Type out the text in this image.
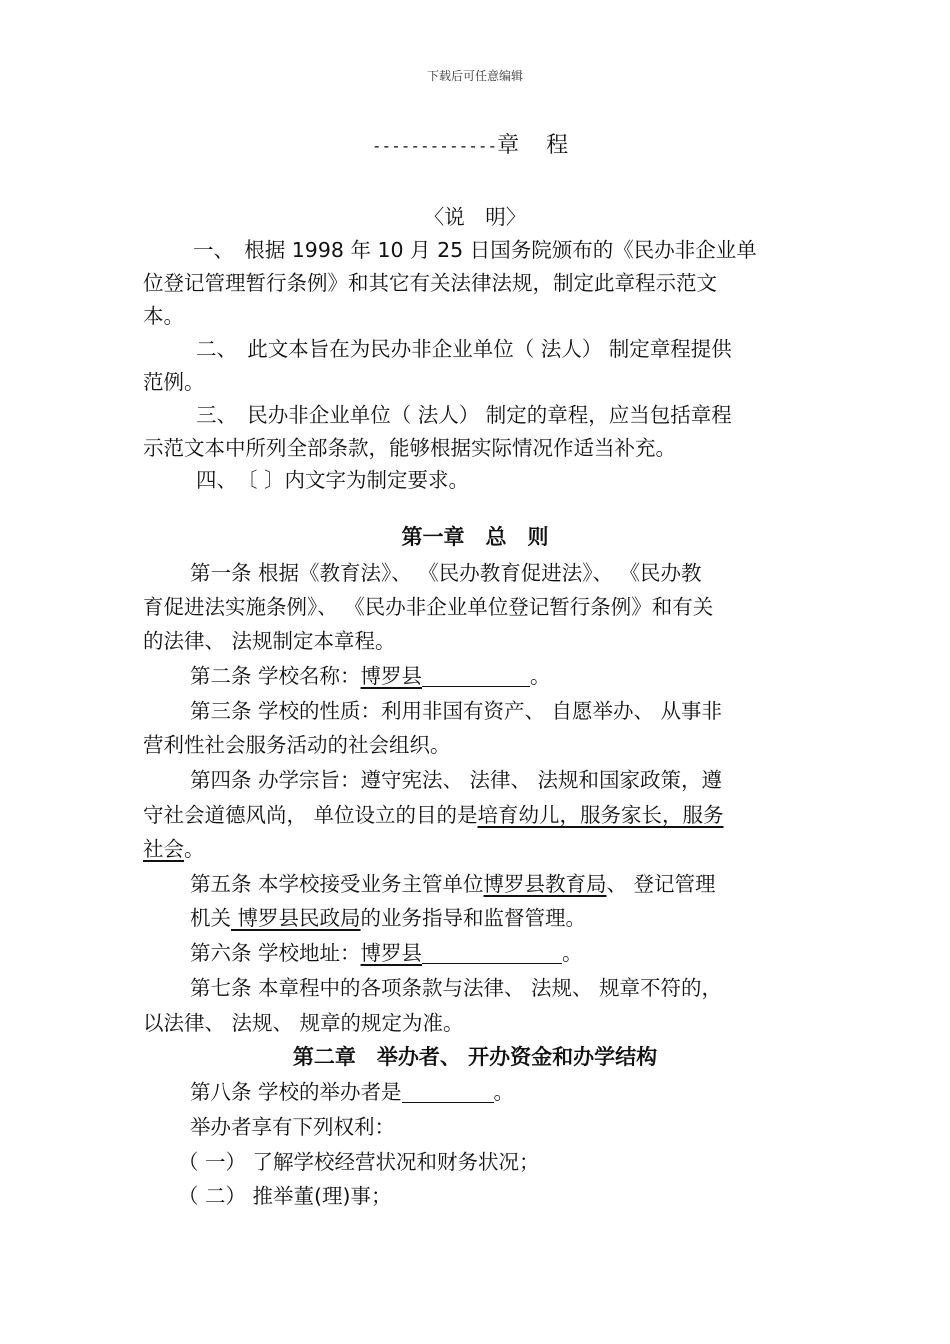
下载后可任意编辑
-------------章 程
〈说　明〉
一、　根据 1998 年 10 月 25 日国务院颁布的《民办非企业单
位登记管理暂行条例》和其它有关法律法规，制定此章程示范文
本。
二、　此文本旨在为民办非企业单位（ 法人） 制定章程提供
范例。
三、　民办非企业单位（ 法人） 制定的章程，应当包括章程
示范文本中所列全部条款，能够根据实际情况作适当补充。
四、　〔 〕内文字为制定要求。
第一章　总　则
第一条 根据《教育法》、 《民办教育促进法》、 《民办教
育促进法实施条例》、 《民办非企业单位登记暂行条例》和有关
的法律、 法规制定本章程。
第二条 学校名称：博罗县	。
第三条 学校的性质：利用非国有资产、 自愿举办、 从事非
营利性社会服务活动的社会组织。
第四条 办学宗旨：遵守宪法、 法律、 法规和国家政策，遵
守社会道德风尚， 单位设立的目的是培育幼儿，服务家长，服务
社会。
第五条 本学校接受业务主管单位博罗县教育局、 登记管理
机关 博罗县民政局的业务指导和监督管理。
第六条 学校地址：博罗县	。
第七条 本章程中的各项条款与法律、 法规、 规章不符的，
以法律、 法规、 规章的规定为准。
第二章　举办者、 开办资金和办学结构
第八条 学校的举办者是	。
举办者享有下列权利：
（ 一） 了解学校经营状况和财务状况；
（ 二） 推举董(理)事；
